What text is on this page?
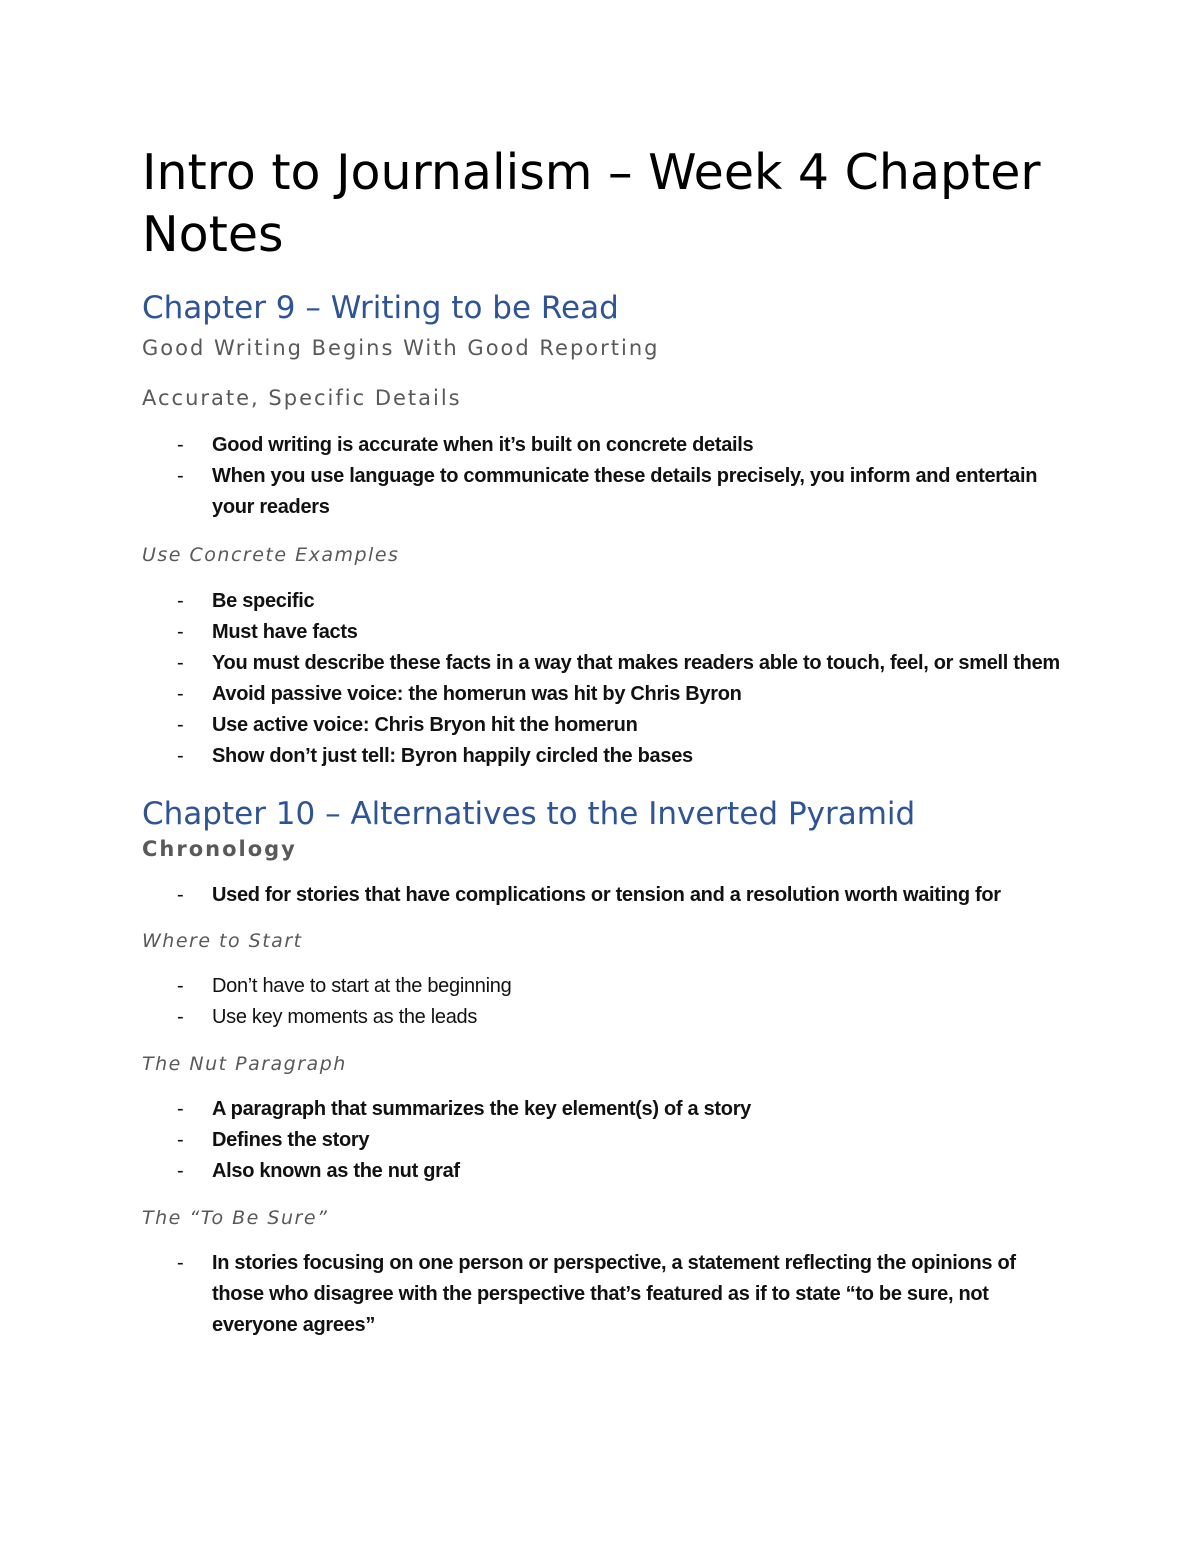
Intro to Journalism – Week 4 Chapter Notes
Chapter 9 – Writing to be Read
Good Writing Begins With Good Reporting
Accurate, Specific Details
- Good writing is accurate when it’s built on concrete details
- When you use language to communicate these details precisely, you inform and entertain your readers
Use Concrete Examples
- Be specific
- Must have facts
- You must describe these facts in a way that makes readers able to touch, feel, or smell them
- Avoid passive voice: the homerun was hit by Chris Byron
- Use active voice: Chris Bryon hit the homerun
- Show don’t just tell: Byron happily circled the bases
Chapter 10 – Alternatives to the Inverted Pyramid
Chronology
- Used for stories that have complications or tension and a resolution worth waiting for
Where to Start
- Don’t have to start at the beginning
- Use key moments as the leads
The Nut Paragraph
- A paragraph that summarizes the key element(s) of a story
- Defines the story
- Also known as the nut graf
The “To Be Sure”
- In stories focusing on one person or perspective, a statement reflecting the opinions of those who disagree with the perspective that’s featured as if to state “to be sure, not everyone agrees”
